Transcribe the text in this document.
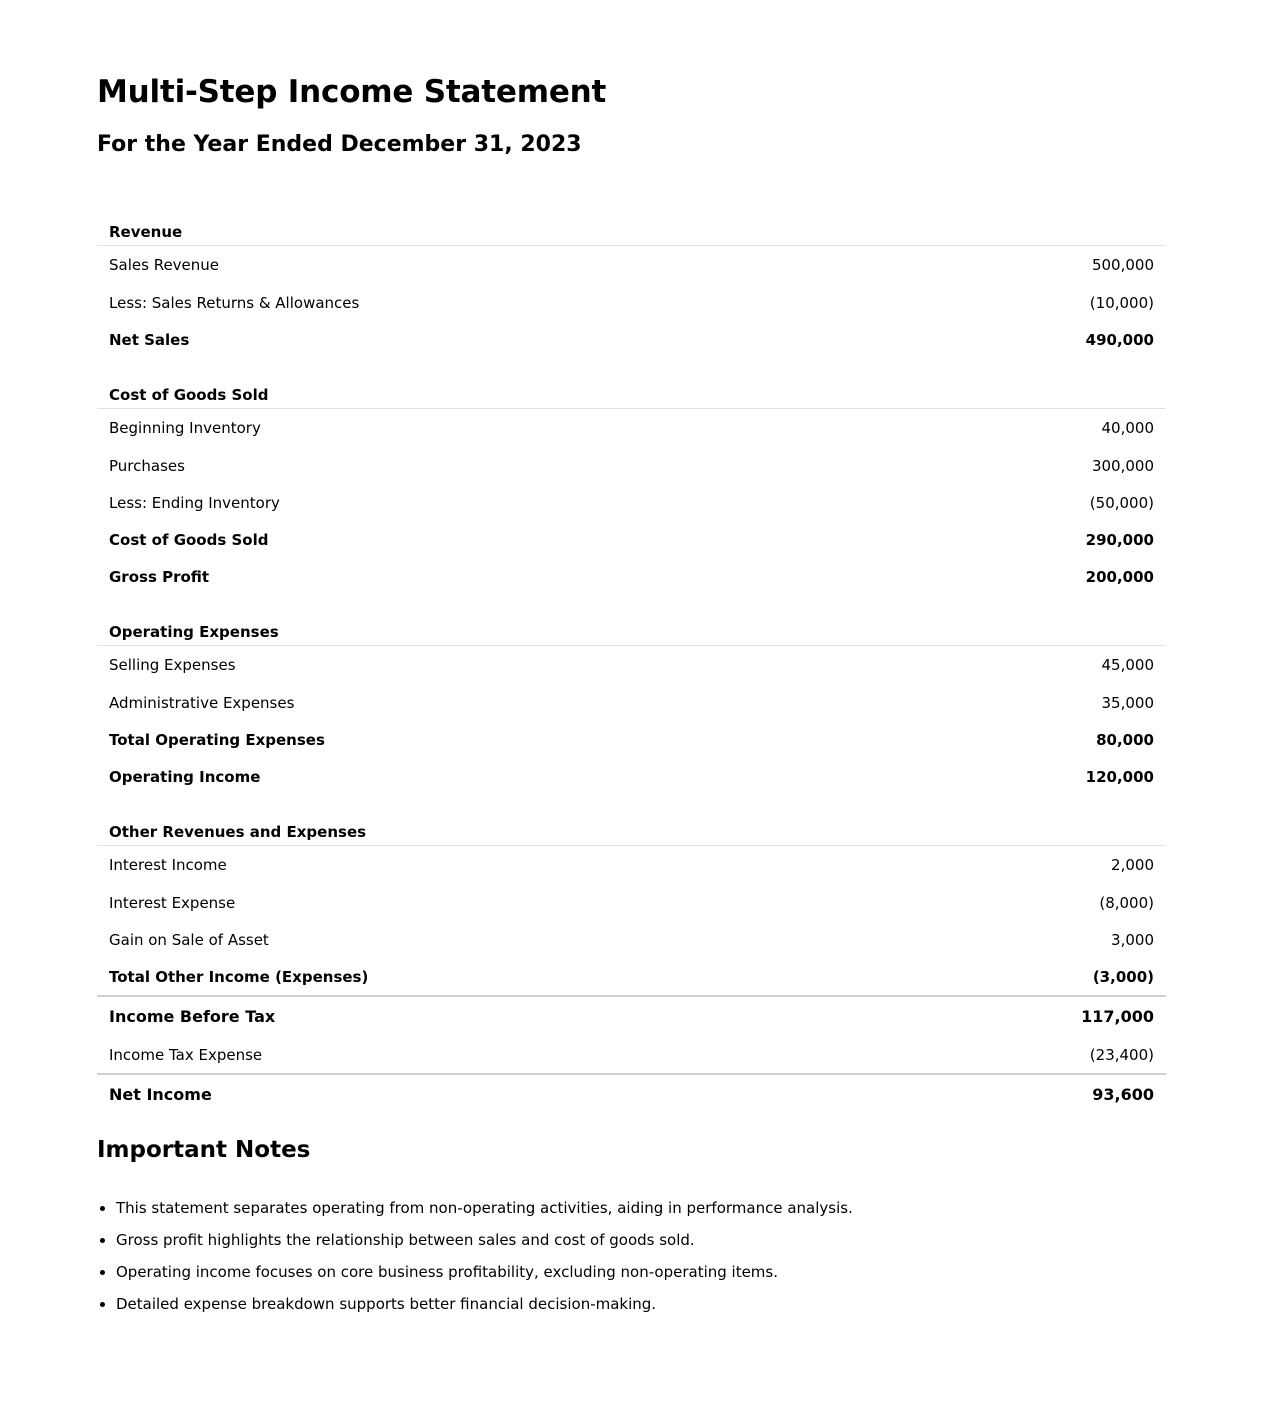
Multi-Step Income Statement
For the Year Ended December 31, 2023
Revenue	
Sales Revenue	500,000
Less: Sales Returns & Allowances	(10,000)
Net Sales	490,000
Cost of Goods Sold	
Beginning Inventory	40,000
Purchases	300,000
Less: Ending Inventory	(50,000)
Cost of Goods Sold	290,000
Gross Profit	200,000
Operating Expenses	
Selling Expenses	45,000
Administrative Expenses	35,000
Total Operating Expenses	80,000
Operating Income	120,000
Other Revenues and Expenses	
Interest Income	2,000
Interest Expense	(8,000)
Gain on Sale of Asset	3,000
Total Other Income (Expenses)	(3,000)
Income Before Tax	117,000
Income Tax Expense	(23,400)
Net Income	93,600
Important Notes
• This statement separates operating from non-operating activities, aiding in performance analysis.
• Gross profit highlights the relationship between sales and cost of goods sold.
• Operating income focuses on core business profitability, excluding non-operating items.
• Detailed expense breakdown supports better financial decision-making.
